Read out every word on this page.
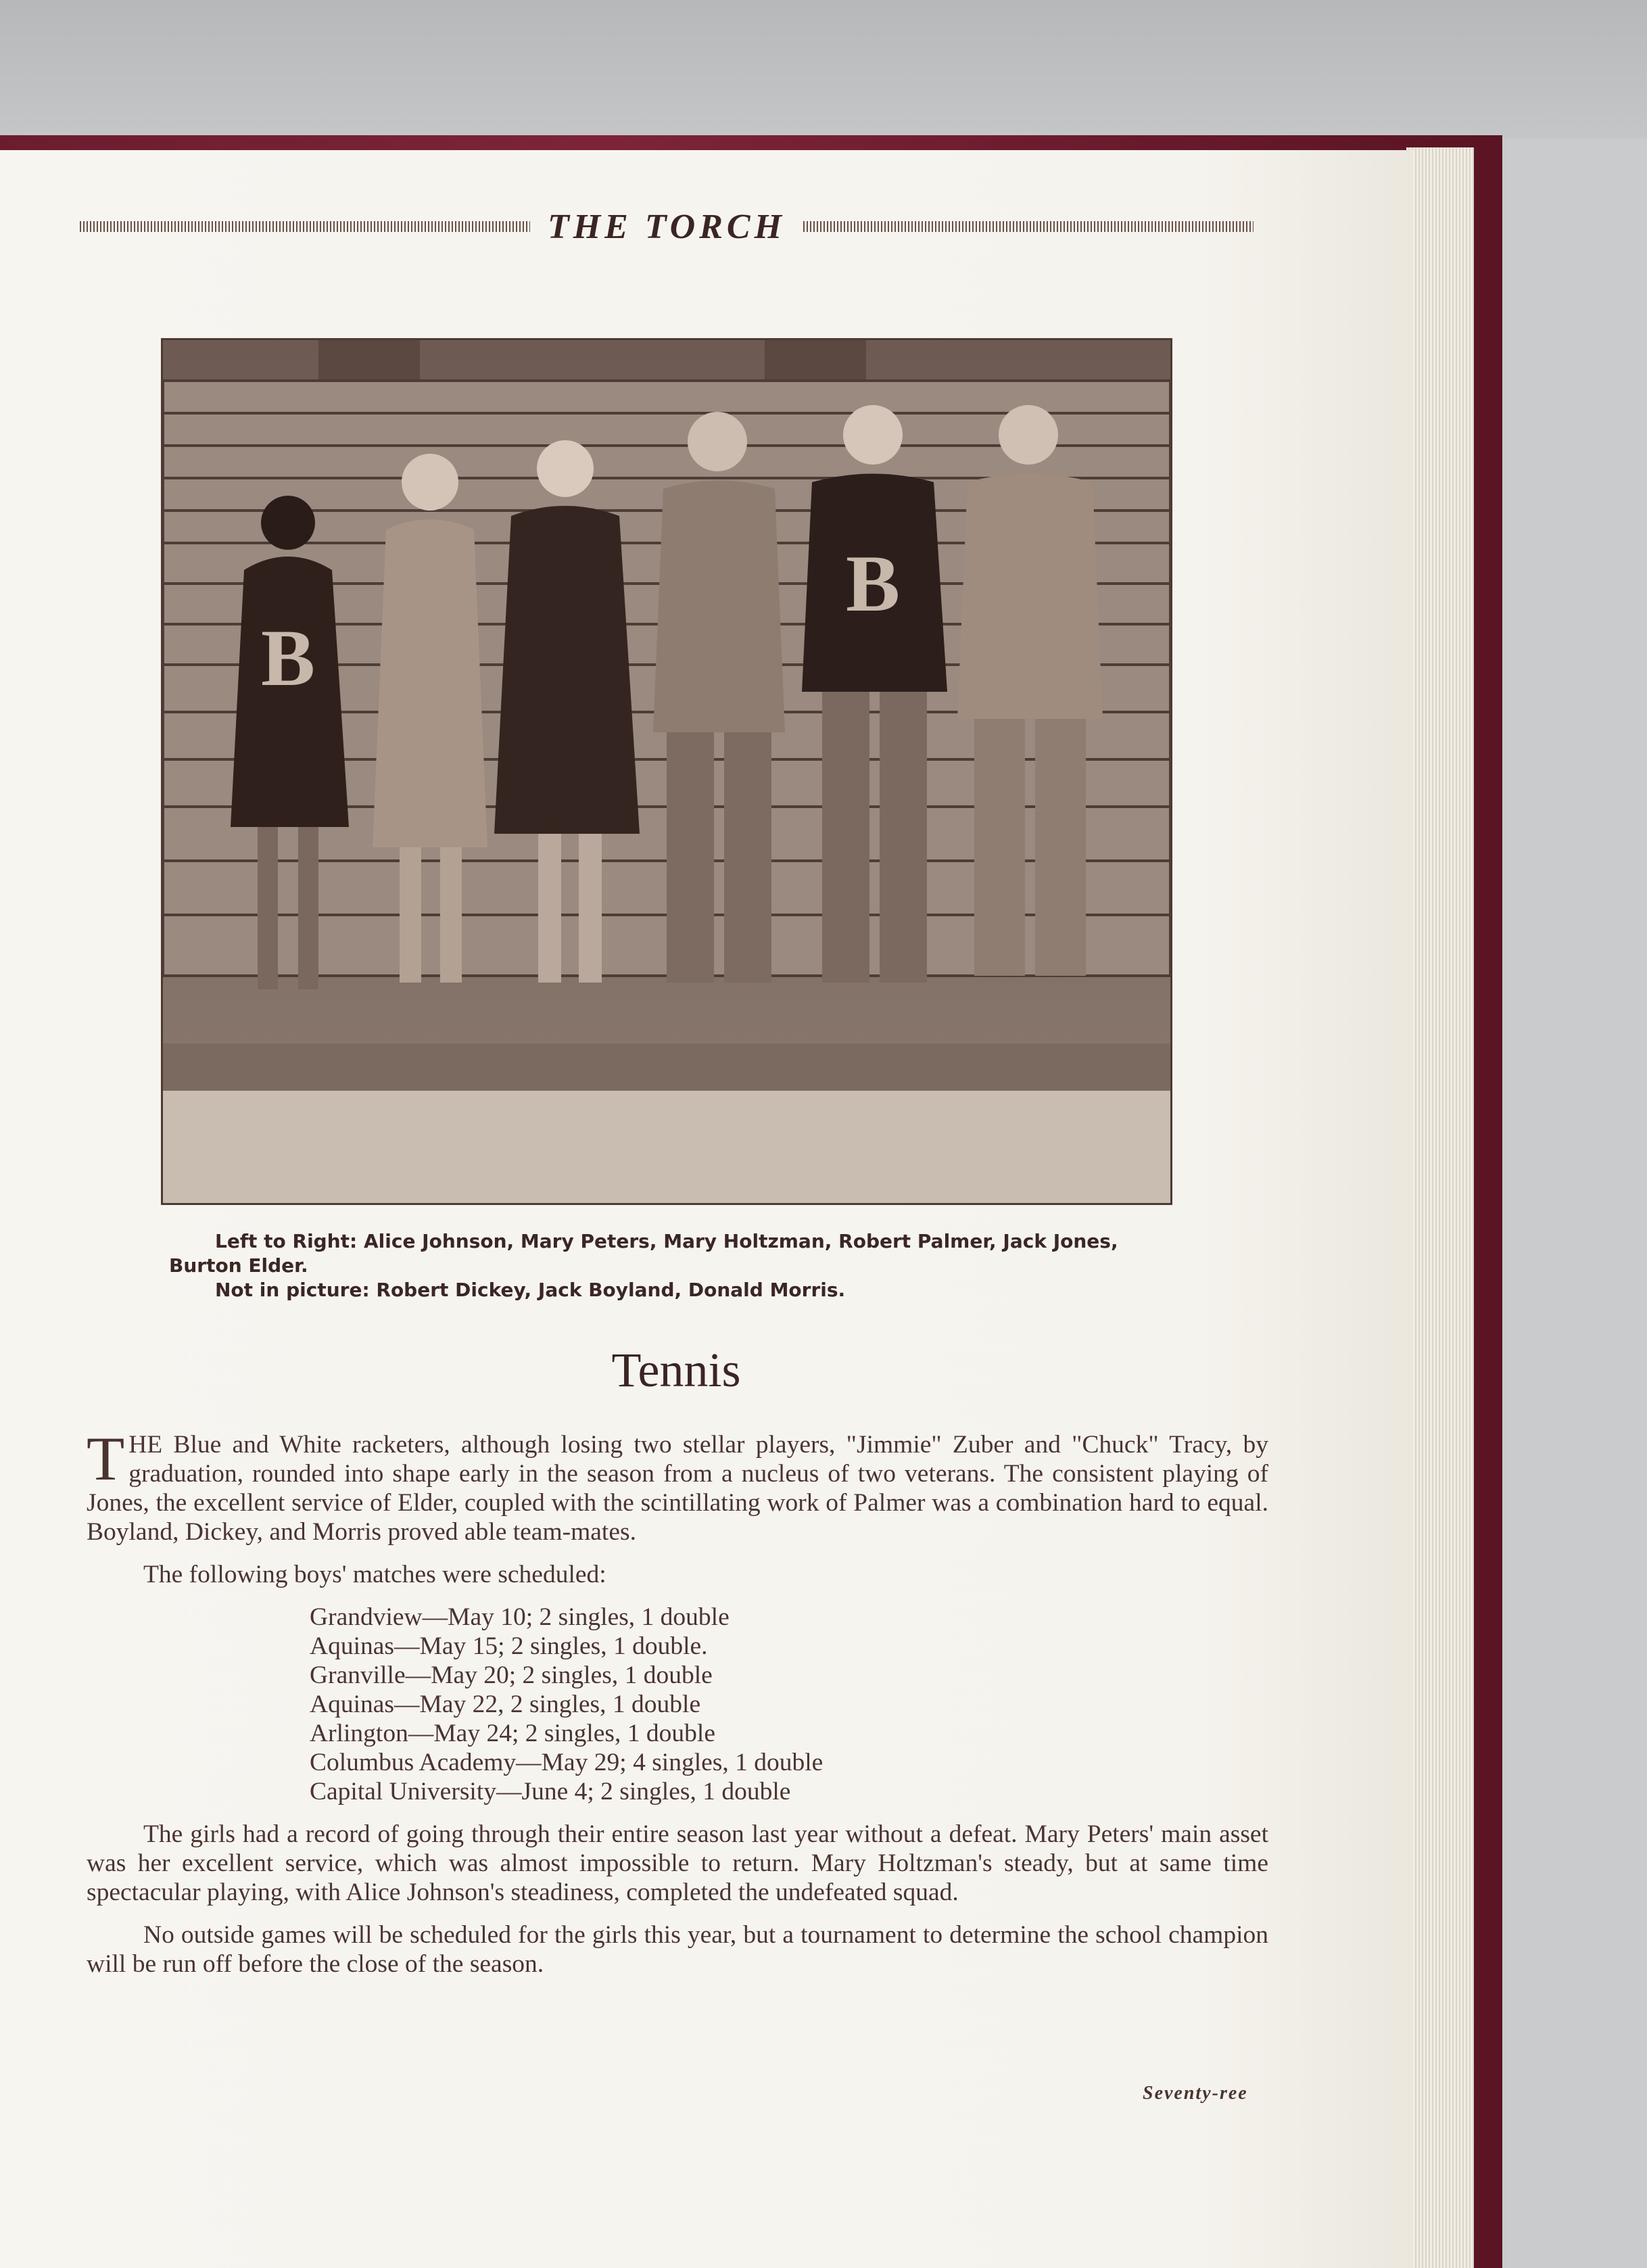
THE TORCH
B
B

Left to Right: Alice Johnson, Mary Peters, Mary Holtzman, Robert Palmer, Jack Jones, Burton Elder.

Not in picture: Robert Dickey, Jack Boyland, Donald Morris.

Tennis

THE Blue and White racketers, although losing two stellar players, "Jimmie" Zuber and "Chuck" Tracy, by graduation, rounded into shape early in the season from a nucleus of two veterans. The consistent playing of Jones, the excellent service of Elder, coupled with the scintillating work of Palmer was a combination hard to equal. Boyland, Dickey, and Morris proved able team-mates.

The following boys' matches were scheduled:

Grandview—May 10; 2 singles, 1 double
Aquinas—May 15; 2 singles, 1 double.
Granville—May 20; 2 singles, 1 double
Aquinas—May 22, 2 singles, 1 double
Arlington—May 24; 2 singles, 1 double
Columbus Academy—May 29; 4 singles, 1 double
Capital University—June 4; 2 singles, 1 double

The girls had a record of going through their entire season last year without a defeat. Mary Peters' main asset was her excellent service, which was almost impossible to return. Mary Holtzman's steady, but at same time spectacular playing, with Alice Johnson's steadiness, completed the undefeated squad.

No outside games will be scheduled for the girls this year, but a tournament to determine the school champion will be run off before the close of the season.

Seventy-ree
